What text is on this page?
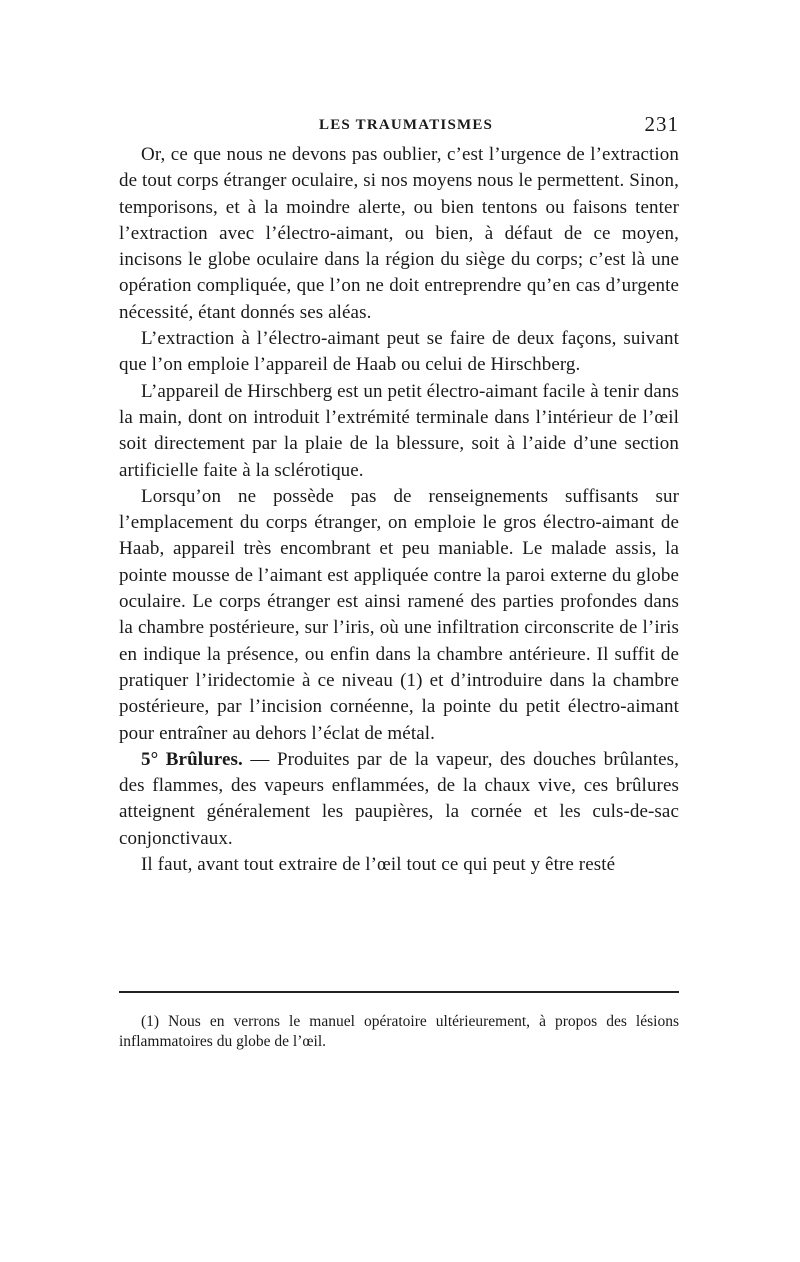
LES TRAUMATISMES	231

Or, ce que nous ne devons pas oublier, c’est l’urgence de l’extraction de tout corps étranger oculaire, si nos moyens nous le permettent. Sinon, temporisons, et à la moindre alerte, ou bien tentons ou faisons tenter l’extraction avec l’électro-aimant, ou bien, à défaut de ce moyen, incisons le globe oculaire dans la région du siège du corps; c’est là une opération compliquée, que l’on ne doit entreprendre qu’en cas d’urgente nécessité, étant donnés ses aléas.

L’extraction à l’électro-aimant peut se faire de deux façons, suivant que l’on emploie l’appareil de Haab ou celui de Hirschberg.

L’appareil de Hirschberg est un petit électro-aimant facile à tenir dans la main, dont on introduit l’extrémité terminale dans l’intérieur de l’œil soit directement par la plaie de la blessure, soit à l’aide d’une section artificielle faite à la sclérotique.

Lorsqu’on ne possède pas de renseignements suffisants sur l’emplacement du corps étranger, on emploie le gros électro-aimant de Haab, appareil très encombrant et peu maniable. Le malade assis, la pointe mousse de l’aimant est appliquée contre la paroi externe du globe oculaire. Le corps étranger est ainsi ramené des parties profondes dans la chambre postérieure, sur l’iris, où une infiltration circonscrite de l’iris en indique la présence, ou enfin dans la chambre antérieure. Il suffit de pratiquer l’iridectomie à ce niveau (1) et d’introduire dans la chambre postérieure, par l’incision cornéenne, la pointe du petit électro-aimant pour entraîner au dehors l’éclat de métal.

5° Brûlures. — Produites par de la vapeur, des douches brûlantes, des flammes, des vapeurs enflammées, de la chaux vive, ces brûlures atteignent généralement les paupières, la cornée et les culs-de-sac conjonctivaux.

Il faut, avant tout extraire de l’œil tout ce qui peut y être resté

(1) Nous en verrons le manuel opératoire ultérieurement, à propos des lésions inflammatoires du globe de l’œil.
